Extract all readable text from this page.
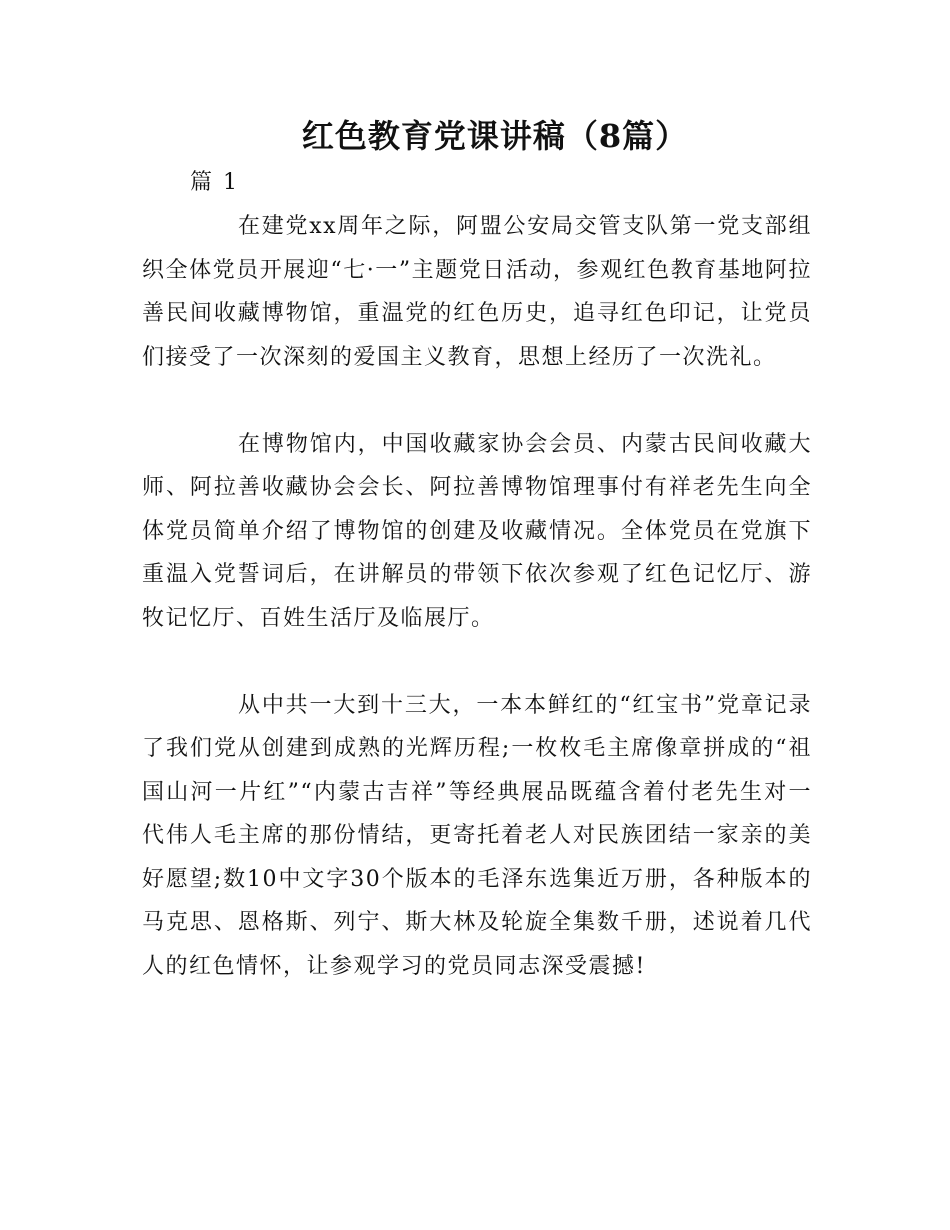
红色教育党课讲稿（8篇）

篇 1

在建党xx周年之际，阿盟公安局交管支队第一党支部组织全体党员开展迎“七·一”主题党日活动，参观红色教育基地阿拉善民间收藏博物馆，重温党的红色历史，追寻红色印记，让党员们接受了一次深刻的爱国主义教育，思想上经历了一次洗礼。

在博物馆内，中国收藏家协会会员、内蒙古民间收藏大师、阿拉善收藏协会会长、阿拉善博物馆理事付有祥老先生向全体党员简单介绍了博物馆的创建及收藏情况。全体党员在党旗下重温入党誓词后，在讲解员的带领下依次参观了红色记忆厅、游牧记忆厅、百姓生活厅及临展厅。

从中共一大到十三大，一本本鲜红的“红宝书”党章记录了我们党从创建到成熟的光辉历程;一枚枚毛主席像章拼成的“祖国山河一片红”“内蒙古吉祥”等经典展品既蕴含着付老先生对一代伟人毛主席的那份情结，更寄托着老人对民族团结一家亲的美好愿望;数10中文字30个版本的毛泽东选集近万册，各种版本的马克思、恩格斯、列宁、斯大林及轮旋全集数千册，述说着几代人的红色情怀，让参观学习的党员同志深受震撼!
